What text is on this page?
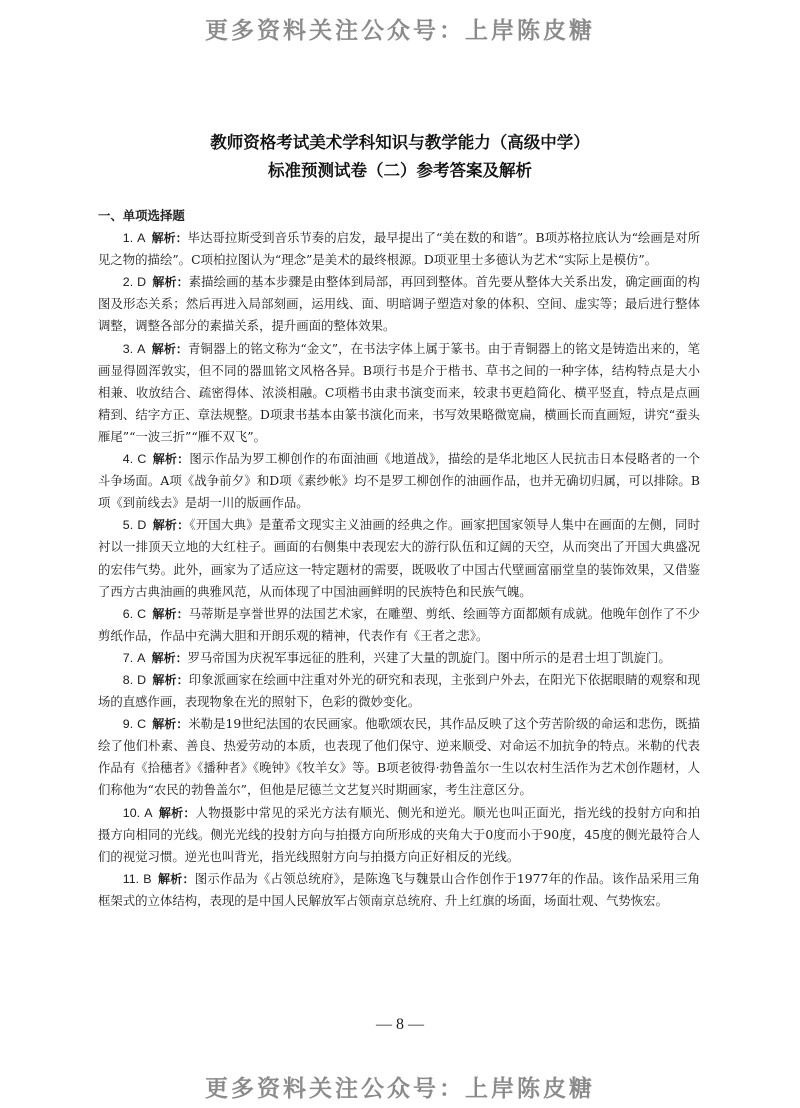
更多资料关注公众号：上岸陈皮糖
教师资格考试美术学科知识与教学能力（高级中学）
标准预测试卷（二）参考答案及解析
一、单项选择题

1. A  解析：毕达哥拉斯受到音乐节奏的启发，最早提出了“美在数的和谐”。B项苏格拉底认为“绘画是对所见之物的描绘”。C项柏拉图认为“理念”是美术的最终根源。D项亚里士多德认为艺术“实际上是模仿”。

2. D  解析：素描绘画的基本步骤是由整体到局部，再回到整体。首先要从整体大关系出发，确定画面的构图及形态关系；然后再进入局部刻画，运用线、面、明暗调子塑造对象的体积、空间、虚实等；最后进行整体调整，调整各部分的素描关系，提升画面的整体效果。

3. A  解析：青铜器上的铭文称为“金文”，在书法字体上属于篆书。由于青铜器上的铭文是铸造出来的，笔画显得圆浑敦实，但不同的器皿铭文风格各异。B项行书是介于楷书、草书之间的一种字体，结构特点是大小相兼、收放结合、疏密得体、浓淡相融。C项楷书由隶书演变而来，较隶书更趋简化、横平竖直，特点是点画精到、结字方正、章法规整。D项隶书基本由篆书演化而来，书写效果略微宽扁，横画长而直画短，讲究“蚕头雁尾”“一波三折”“雁不双飞”。

4. C  解析：图示作品为罗工柳创作的布面油画《地道战》，描绘的是华北地区人民抗击日本侵略者的一个斗争场面。A项《战争前夕》和D项《素纱帐》均不是罗工柳创作的油画作品，也并无确切归属，可以排除。B项《到前线去》是胡一川的版画作品。

5. D  解析：《开国大典》是董希文现实主义油画的经典之作。画家把国家领导人集中在画面的左侧，同时衬以一排顶天立地的大红柱子。画面的右侧集中表现宏大的游行队伍和辽阔的天空，从而突出了开国大典盛况的宏伟气势。此外，画家为了适应这一特定题材的需要，既吸收了中国古代壁画富丽堂皇的装饰效果，又借鉴了西方古典油画的典雅风范，从而体现了中国油画鲜明的民族特色和民族气魄。

6. C  解析：马蒂斯是享誉世界的法国艺术家，在雕塑、剪纸、绘画等方面都颇有成就。他晚年创作了不少剪纸作品，作品中充满大胆和开朗乐观的精神，代表作有《王者之悲》。

7. A  解析：罗马帝国为庆祝军事远征的胜利，兴建了大量的凯旋门。图中所示的是君士坦丁凯旋门。

8. D  解析：印象派画家在绘画中注重对外光的研究和表现，主张到户外去，在阳光下依据眼睛的观察和现场的直感作画，表现物象在光的照射下，色彩的微妙变化。

9. C  解析：米勒是19世纪法国的农民画家。他歌颂农民，其作品反映了这个劳苦阶级的命运和悲伤，既描绘了他们朴素、善良、热爱劳动的本质，也表现了他们保守、逆来顺受、对命运不加抗争的特点。米勒的代表作品有《拾穗者》《播种者》《晚钟》《牧羊女》等。B项老彼得·勃鲁盖尔一生以农村生活作为艺术创作题材，人们称他为“农民的勃鲁盖尔”，但他是尼德兰文艺复兴时期画家，考生注意区分。

10. A  解析：人物摄影中常见的采光方法有顺光、侧光和逆光。顺光也叫正面光，指光线的投射方向和拍摄方向相同的光线。侧光光线的投射方向与拍摄方向所形成的夹角大于0度而小于90度，45度的侧光最符合人们的视觉习惯。逆光也叫背光，指光线照射方向与拍摄方向正好相反的光线。

11. B  解析：图示作品为《占领总统府》，是陈逸飞与魏景山合作创作于1977年的作品。该作品采用三角框架式的立体结构，表现的是中国人民解放军占领南京总统府、升上红旗的场面，场面壮观、气势恢宏。

— 8 —
更多资料关注公众号：上岸陈皮糖
